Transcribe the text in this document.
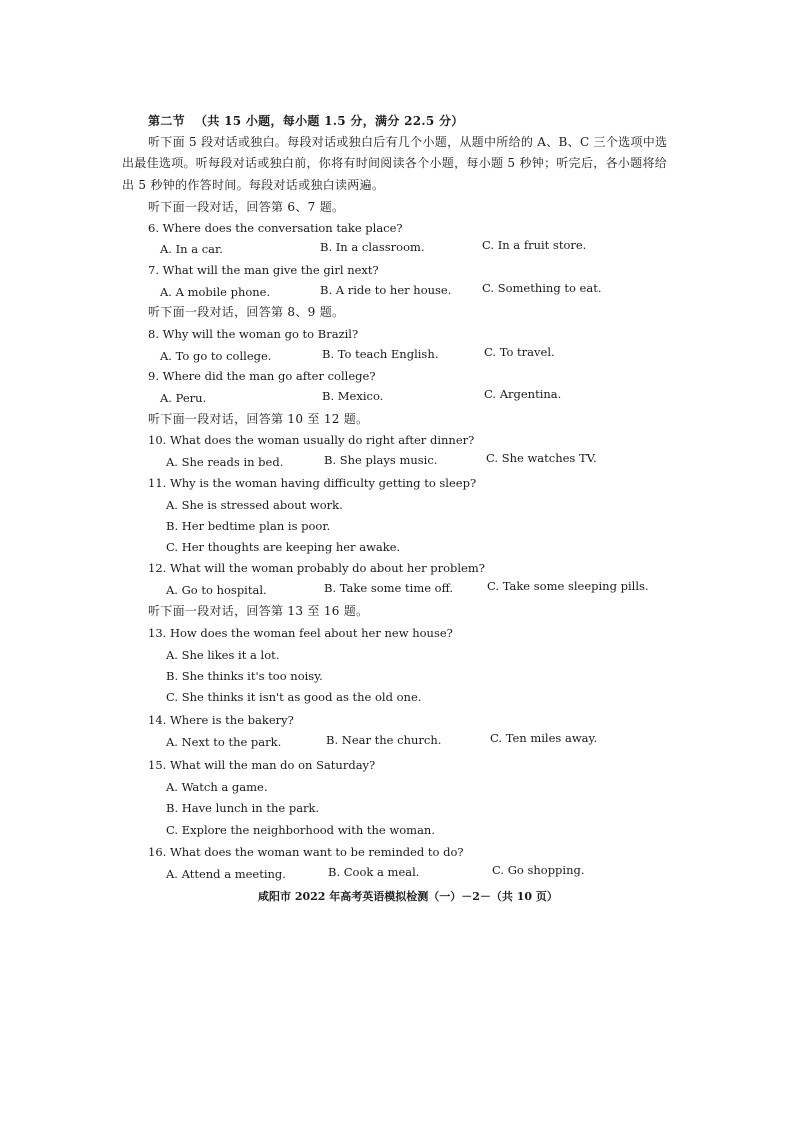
第二节 （共 15 小题，每小题 1.5 分，满分 22.5 分）
听下面 5 段对话或独白。每段对话或独白后有几个小题，从题中所给的 A、B、C 三个选项中选
出最佳选项。听每段对话或独白前，你将有时间阅读各个小题，每小题 5 秒钟；听完后，各小题将给
出 5 秒钟的作答时间。每段对话或独白读两遍。
听下面一段对话，回答第 6、7 题。
6. Where does the conversation take place?
A. In a car.	B. In a classroom.	C. In a fruit store.
7. What will the man give the girl next?
A. A mobile phone.	B. A ride to her house.	C. Something to eat.
听下面一段对话，回答第 8、9 题。
8. Why will the woman go to Brazil?
A. To go to college.	B. To teach English.	C. To travel.
9. Where did the man go after college?
A. Peru.	B. Mexico.	C. Argentina.
听下面一段对话，回答第 10 至 12 题。
10. What does the woman usually do right after dinner?
A. She reads in bed.	B. She plays music.	C. She watches TV.
11. Why is the woman having difficulty getting to sleep?
A. She is stressed about work.
B. Her bedtime plan is poor.
C. Her thoughts are keeping her awake.
12. What will the woman probably do about her problem?
A. Go to hospital.	B. Take some time off.	C. Take some sleeping pills.
听下面一段对话，回答第 13 至 16 题。
13. How does the woman feel about her new house?
A. She likes it a lot.
B. She thinks it's too noisy.
C. She thinks it isn't as good as the old one.
14. Where is the bakery?
A. Next to the park.	B. Near the church.	C. Ten miles away.
15. What will the man do on Saturday?
A. Watch a game.
B. Have lunch in the park.
C. Explore the neighborhood with the woman.
16. What does the woman want to be reminded to do?
A. Attend a meeting.	B. Cook a meal.	C. Go shopping.
咸阳市 2022 年高考英语模拟检测（一）－2－（共 10 页）
